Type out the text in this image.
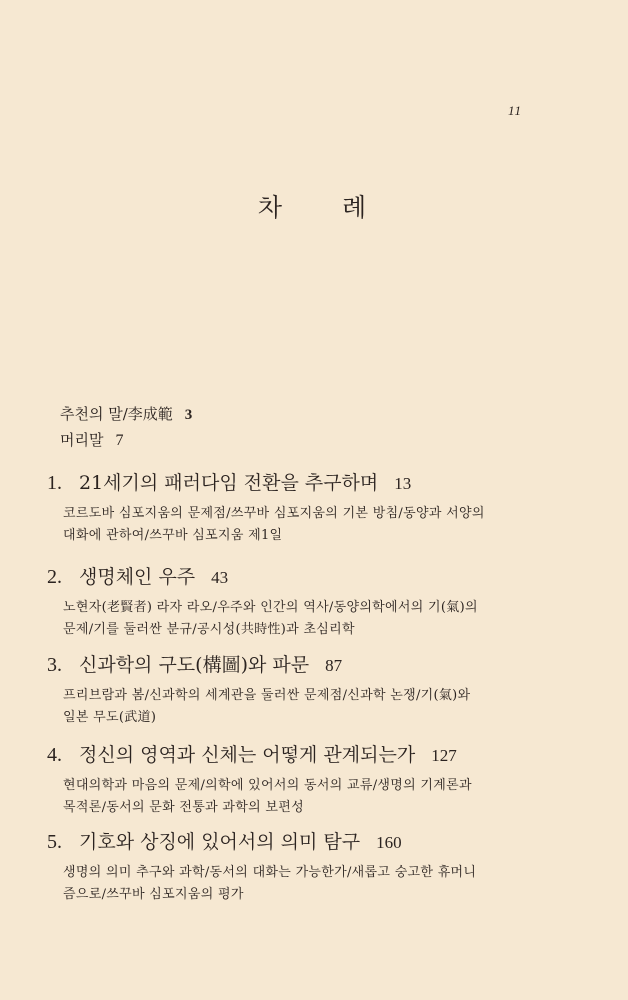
11
차 례
추천의 말/李成範 3
머리말 7
1. 21세기의 패러다임 전환을 추구하며 13
코르도바 심포지움의 문제점/쓰꾸바 심포지움의 기본 방침/동양과 서양의
대화에 관하여/쓰꾸바 심포지움 제1일
2. 생명체인 우주 43
노현자(老賢者) 라자 라오/우주와 인간의 역사/동양의학에서의 기(氣)의
문제/기를 둘러싼 분규/공시성(共時性)과 초심리학
3. 신과학의 구도(構圖)와 파문 87
프리브람과 봄/신과학의 세계관을 둘러싼 문제점/신과학 논쟁/기(氣)와
일본 무도(武道)
4. 정신의 영역과 신체는 어떻게 관계되는가 127
현대의학과 마음의 문제/의학에 있어서의 동서의 교류/생명의 기계론과
목적론/동서의 문화 전통과 과학의 보편성
5. 기호와 상징에 있어서의 의미 탐구 160
생명의 의미 추구와 과학/동서의 대화는 가능한가/새롭고 숭고한 휴머니
즘으로/쓰꾸바 심포지움의 평가
